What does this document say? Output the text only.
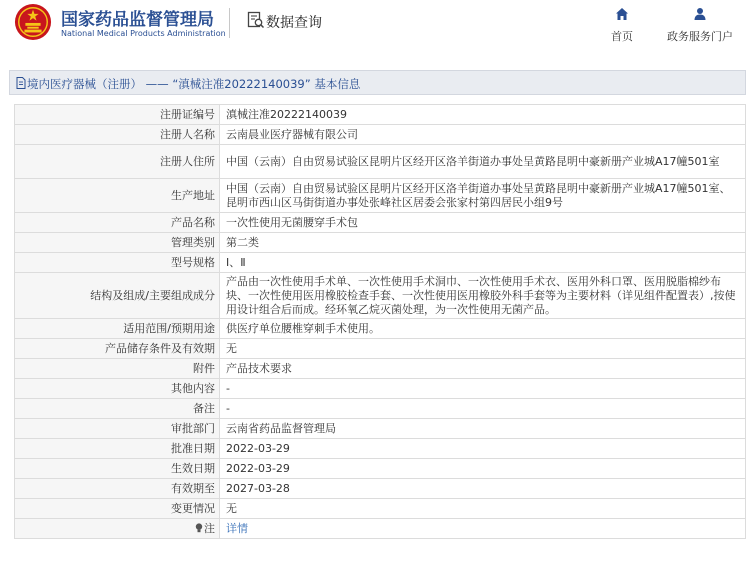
国家药品监督管理局
National Medical Products Administration
数据查询
首页	政务服务门户
境内医疗器械（注册） —— “滇械注准20222140039” 基本信息
注册证编号	滇械注准20222140039
注册人名称	云南晨业医疗器械有限公司
注册人住所	中国（云南）自由贸易试验区昆明片区经开区洛羊街道办事处呈黄路昆明中豪新册产业城A17幢501室
生产地址	中国（云南）自由贸易试验区昆明片区经开区洛羊街道办事处呈黄路昆明中豪新册产业城A17幢501室、昆明市西山区马街街道办事处张峰社区居委会张家村第四居民小组9号
产品名称	一次性使用无菌腰穿手术包
管理类别	第二类
型号规格	Ⅰ、Ⅱ
结构及组成/主要组成成分	产品由一次性使用手术单、一次性使用手术洞巾、一次性使用手术衣、医用外科口罩、医用脱脂棉纱布块、一次性使用医用橡胶检查手套、一次性使用医用橡胶外科手套等为主要材料（详见组件配置表）,按使用设计组合后而成。经环氧乙烷灭菌处理，为一次性使用无菌产品。
适用范围/预期用途	供医疗单位腰椎穿刺手术使用。
产品储存条件及有效期	无
附件	产品技术要求
其他内容	-
备注	-
审批部门	云南省药品监督管理局
批准日期	2022-03-29
生效日期	2022-03-29
有效期至	2027-03-28
变更情况	无
注	详情
